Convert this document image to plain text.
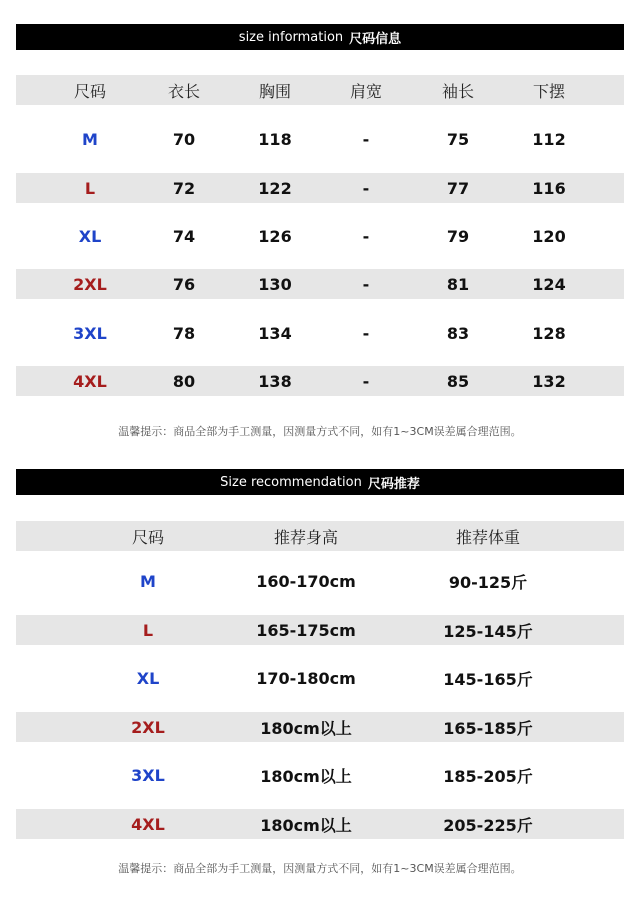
size information 尺码信息
尺码	衣长	胸围	肩宽	袖长	下摆
M	70	118	-	75	112
L	72	122	-	77	116
XL	74	126	-	79	120
2XL	76	130	-	81	124
3XL	78	134	-	83	128
4XL	80	138	-	85	132
温馨提示：商品全部为手工测量，因测量方式不同，如有1~3CM误差属合理范围。
Size recommendation 尺码推荐
尺码	推荐身高	推荐体重
M	160-170cm	90-125斤
L	165-175cm	125-145斤
XL	170-180cm	145-165斤
2XL	180cm以上	165-185斤
3XL	180cm以上	185-205斤
4XL	180cm以上	205-225斤
温馨提示：商品全部为手工测量，因测量方式不同，如有1~3CM误差属合理范围。
